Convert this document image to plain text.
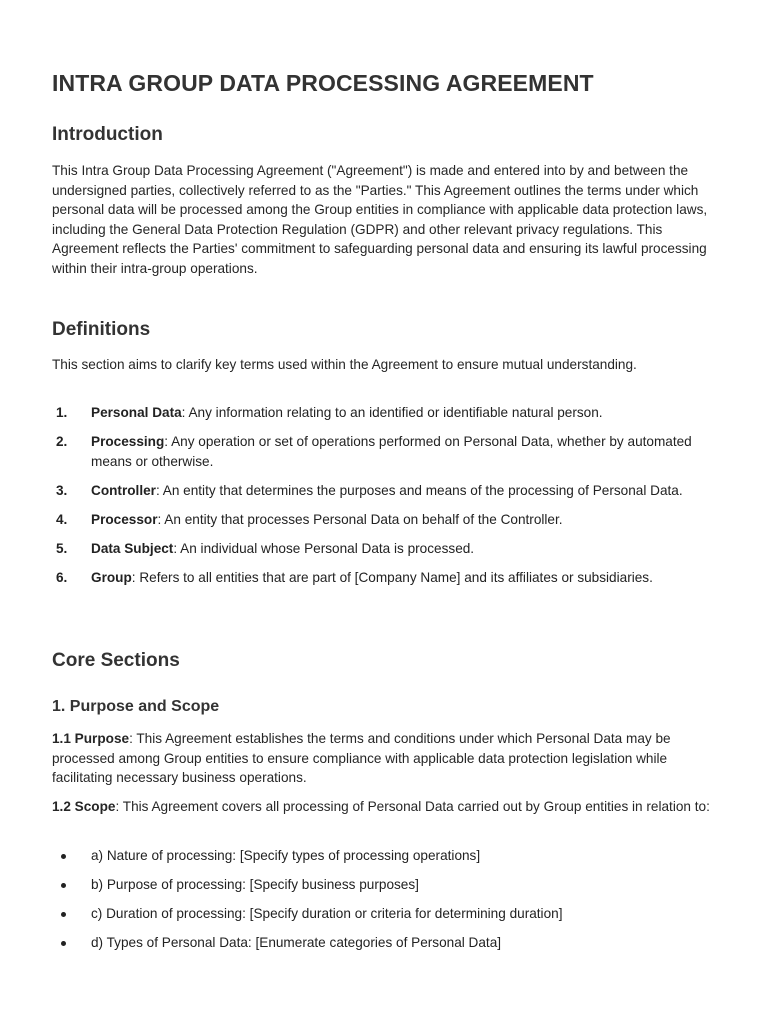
INTRA GROUP DATA PROCESSING AGREEMENT
Introduction

This Intra Group Data Processing Agreement ("Agreement") is made and entered into by and between the undersigned parties, collectively referred to as the "Parties." This Agreement outlines the terms under which personal data will be processed among the Group entities in compliance with applicable data protection laws, including the General Data Protection Regulation (GDPR) and other relevant privacy regulations. This Agreement reflects the Parties' commitment to safeguarding personal data and ensuring its lawful processing within their intra-group operations.

Definitions

This section aims to clarify key terms used within the Agreement to ensure mutual understanding.

1. Personal Data: Any information relating to an identified or identifiable natural person.
2. Processing: Any operation or set of operations performed on Personal Data, whether by automated means or otherwise.
3. Controller: An entity that determines the purposes and means of the processing of Personal Data.
4. Processor: An entity that processes Personal Data on behalf of the Controller.
5. Data Subject: An individual whose Personal Data is processed.
6. Group: Refers to all entities that are part of [Company Name] and its affiliates or subsidiaries.
Core Sections
1. Purpose and Scope

1.1 Purpose: This Agreement establishes the terms and conditions under which Personal Data may be processed among Group entities to ensure compliance with applicable data protection legislation while facilitating necessary business operations.

1.2 Scope: This Agreement covers all processing of Personal Data carried out by Group entities in relation to:

a) Nature of processing: [Specify types of processing operations]
b) Purpose of processing: [Specify business purposes]
c) Duration of processing: [Specify duration or criteria for determining duration]
d) Types of Personal Data: [Enumerate categories of Personal Data]
